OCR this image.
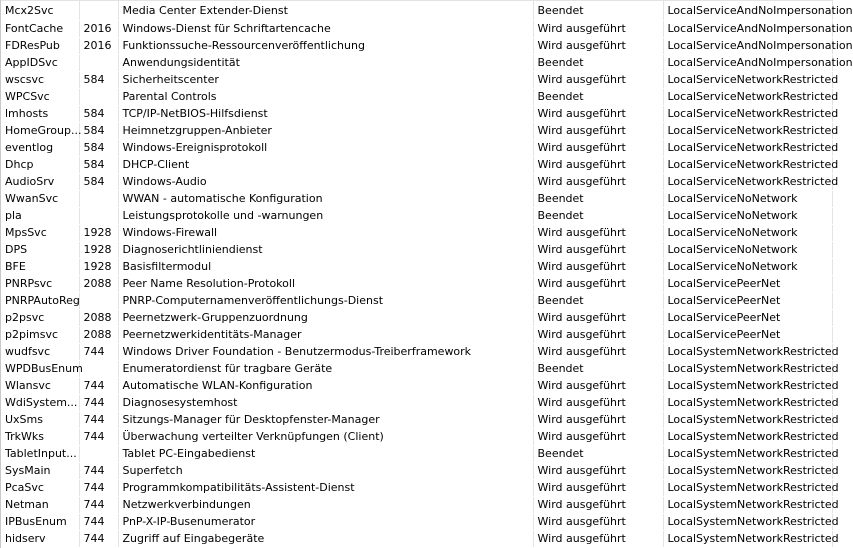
Mcx2Svc		Media Center Extender-Dienst	Beendet	LocalServiceAndNoImpersonation
FontCache	2016	Windows-Dienst für Schriftartencache	Wird ausgeführt	LocalServiceAndNoImpersonation
FDResPub	2016	Funktionssuche-Ressourcenveröffentlichung	Wird ausgeführt	LocalServiceAndNoImpersonation
AppIDSvc		Anwendungsidentität	Beendet	LocalServiceAndNoImpersonation
wscsvc	584	Sicherheitscenter	Wird ausgeführt	LocalServiceNetworkRestricted
WPCSvc		Parental Controls	Beendet	LocalServiceNetworkRestricted
lmhosts	584	TCP/IP-NetBIOS-Hilfsdienst	Wird ausgeführt	LocalServiceNetworkRestricted
HomeGroup...	584	Heimnetzgruppen-Anbieter	Wird ausgeführt	LocalServiceNetworkRestricted
eventlog	584	Windows-Ereignisprotokoll	Wird ausgeführt	LocalServiceNetworkRestricted
Dhcp	584	DHCP-Client	Wird ausgeführt	LocalServiceNetworkRestricted
AudioSrv	584	Windows-Audio	Wird ausgeführt	LocalServiceNetworkRestricted
WwanSvc		WWAN - automatische Konfiguration	Beendet	LocalServiceNoNetwork
pla		Leistungsprotokolle und -warnungen	Beendet	LocalServiceNoNetwork
MpsSvc	1928	Windows-Firewall	Wird ausgeführt	LocalServiceNoNetwork
DPS	1928	Diagnoserichtliniendienst	Wird ausgeführt	LocalServiceNoNetwork
BFE	1928	Basisfiltermodul	Wird ausgeführt	LocalServiceNoNetwork
PNRPsvc	2088	Peer Name Resolution-Protokoll	Wird ausgeführt	LocalServicePeerNet
PNRPAutoReg		PNRP-Computernamenveröffentlichungs-Dienst	Beendet	LocalServicePeerNet
p2psvc	2088	Peernetzwerk-Gruppenzuordnung	Wird ausgeführt	LocalServicePeerNet
p2pimsvc	2088	Peernetzwerkidentitäts-Manager	Wird ausgeführt	LocalServicePeerNet
wudfsvc	744	Windows Driver Foundation - Benutzermodus-Treiberframework	Wird ausgeführt	LocalSystemNetworkRestricted
WPDBusEnum		Enumeratordienst für tragbare Geräte	Beendet	LocalSystemNetworkRestricted
Wlansvc	744	Automatische WLAN-Konfiguration	Wird ausgeführt	LocalSystemNetworkRestricted
WdiSystem...	744	Diagnosesystemhost	Wird ausgeführt	LocalSystemNetworkRestricted
UxSms	744	Sitzungs-Manager für Desktopfenster-Manager	Wird ausgeführt	LocalSystemNetworkRestricted
TrkWks	744	Überwachung verteilter Verknüpfungen (Client)	Wird ausgeführt	LocalSystemNetworkRestricted
TabletInput...		Tablet PC-Eingabedienst	Beendet	LocalSystemNetworkRestricted
SysMain	744	Superfetch	Wird ausgeführt	LocalSystemNetworkRestricted
PcaSvc	744	Programmkompatibilitäts-Assistent-Dienst	Wird ausgeführt	LocalSystemNetworkRestricted
Netman	744	Netzwerkverbindungen	Wird ausgeführt	LocalSystemNetworkRestricted
IPBusEnum	744	PnP-X-IP-Busenumerator	Wird ausgeführt	LocalSystemNetworkRestricted
hidserv	744	Zugriff auf Eingabegeräte	Wird ausgeführt	LocalSystemNetworkRestricted
